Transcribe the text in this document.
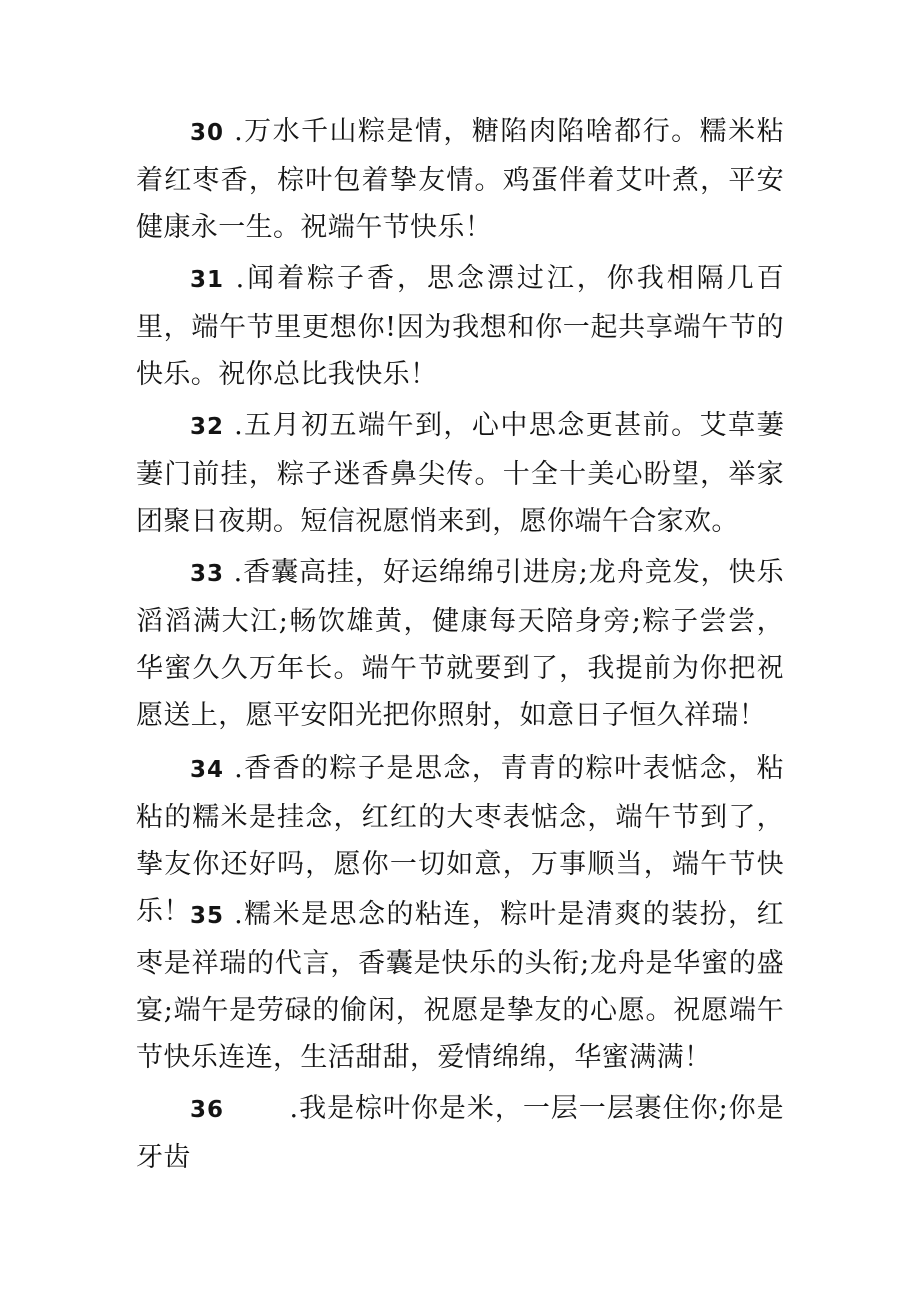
30 .万水千山粽是情，糖陷肉陷啥都行。糯米粘着红枣香，棕叶包着挚友情。鸡蛋伴着艾叶煮，平安健康永一生。祝端午节快乐！

31 .闻着粽子香，思念漂过江，你我相隔几百里，端午节里更想你!因为我想和你一起共享端午节的快乐。祝你总比我快乐！

32 .五月初五端午到，心中思念更甚前。艾草萋萋门前挂，粽子迷香鼻尖传。十全十美心盼望，举家团聚日夜期。短信祝愿悄来到，愿你端午合家欢。

33 .香囊高挂，好运绵绵引进房;龙舟竞发，快乐滔滔满大江;畅饮雄黄，健康每天陪身旁;粽子尝尝，华蜜久久万年长。端午节就要到了，我提前为你把祝愿送上，愿平安阳光把你照射，如意日子恒久祥瑞！

34 .香香的粽子是思念，青青的粽叶表惦念，粘粘的糯米是挂念，红红的大枣表惦念，端午节到了，挚友你还好吗，愿你一切如意，万事顺当，端午节快乐！ 35 .糯米是思念的粘连，粽叶是清爽的装扮，红枣是祥瑞的代言，香囊是快乐的头衔;龙舟是华蜜的盛宴;端午是劳碌的偷闲，祝愿是挚友的心愿。祝愿端午节快乐连连，生活甜甜，爱情绵绵，华蜜满满！

36 .我是棕叶你是米，一层一层裹住你;你是牙齿
